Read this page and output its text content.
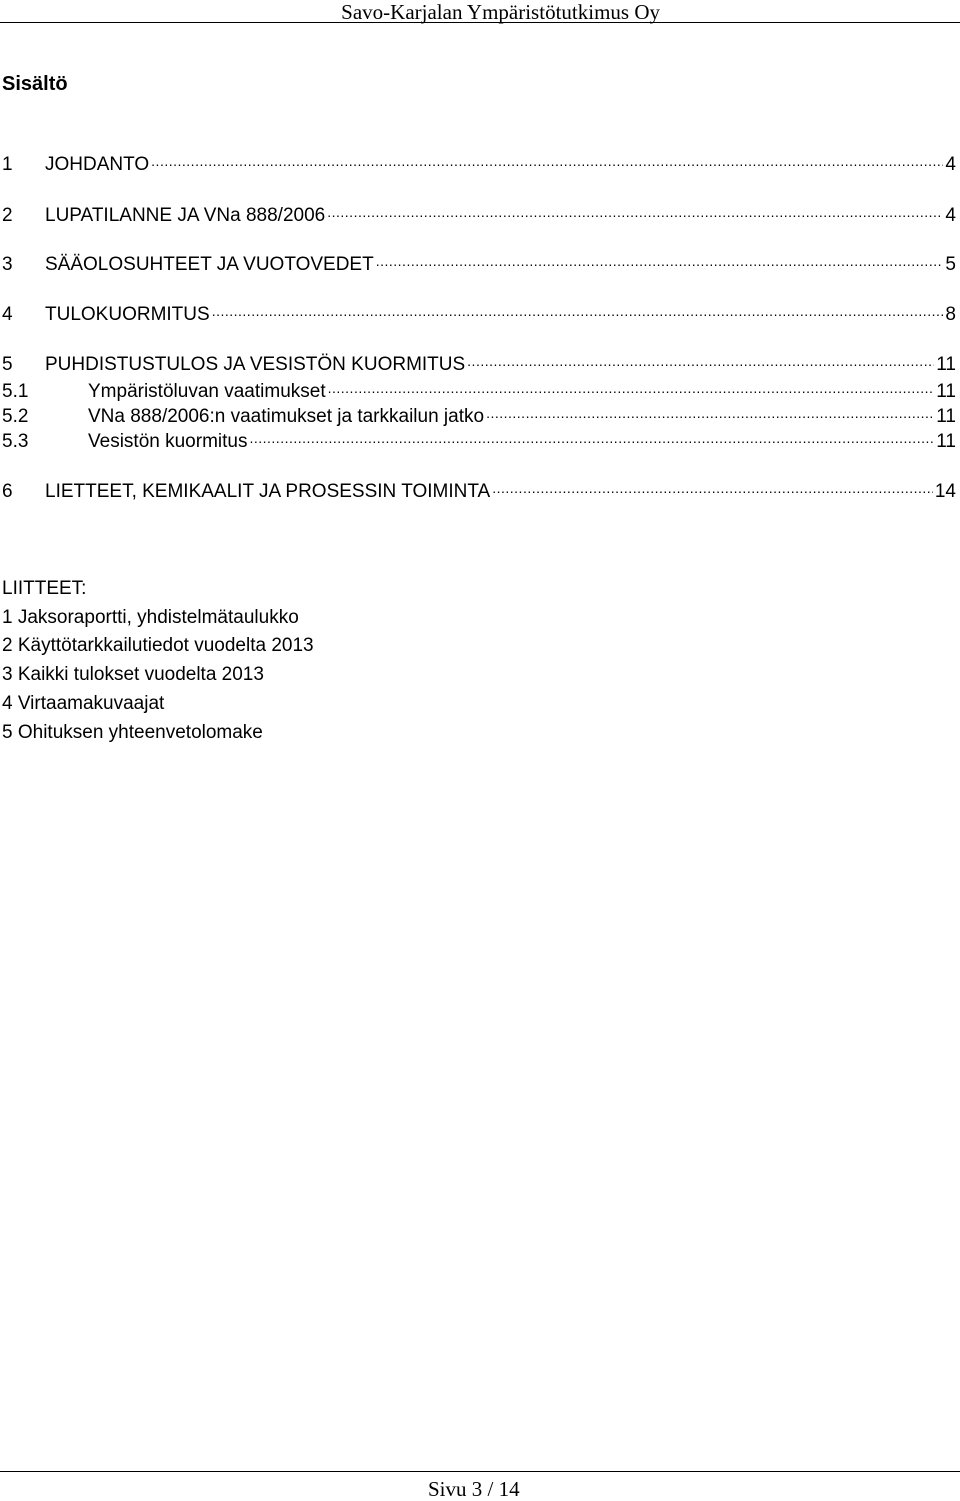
Savo-Karjalan Ympäristötutkimus Oy
Sisältö
1	JOHDANTO .....	4
2	LUPATILANNE JA VNa 888/2006 .....	4
3	SÄÄOLOSUHTEET JA VUOTOVEDET .....	5
4	TULOKUORMITUS .....	8
5	PUHDISTUSTULOS JA VESISTÖN KUORMITUS .....	11
5.1	Ympäristöluvan vaatimukset .....	11
5.2	VNa 888/2006:n vaatimukset ja tarkkailun jatko .....	11
5.3	Vesistön kuormitus .....	11
6	LIETTEET, KEMIKAALIT JA PROSESSIN TOIMINTA .....	14
LIITTEET:
1 Jaksoraportti, yhdistelmätaulukko
2 Käyttötarkkailutiedot vuodelta 2013
3 Kaikki tulokset vuodelta 2013
4 Virtaamakuvaajat
5 Ohituksen yhteenvetolomake
Sivu 3 / 14
